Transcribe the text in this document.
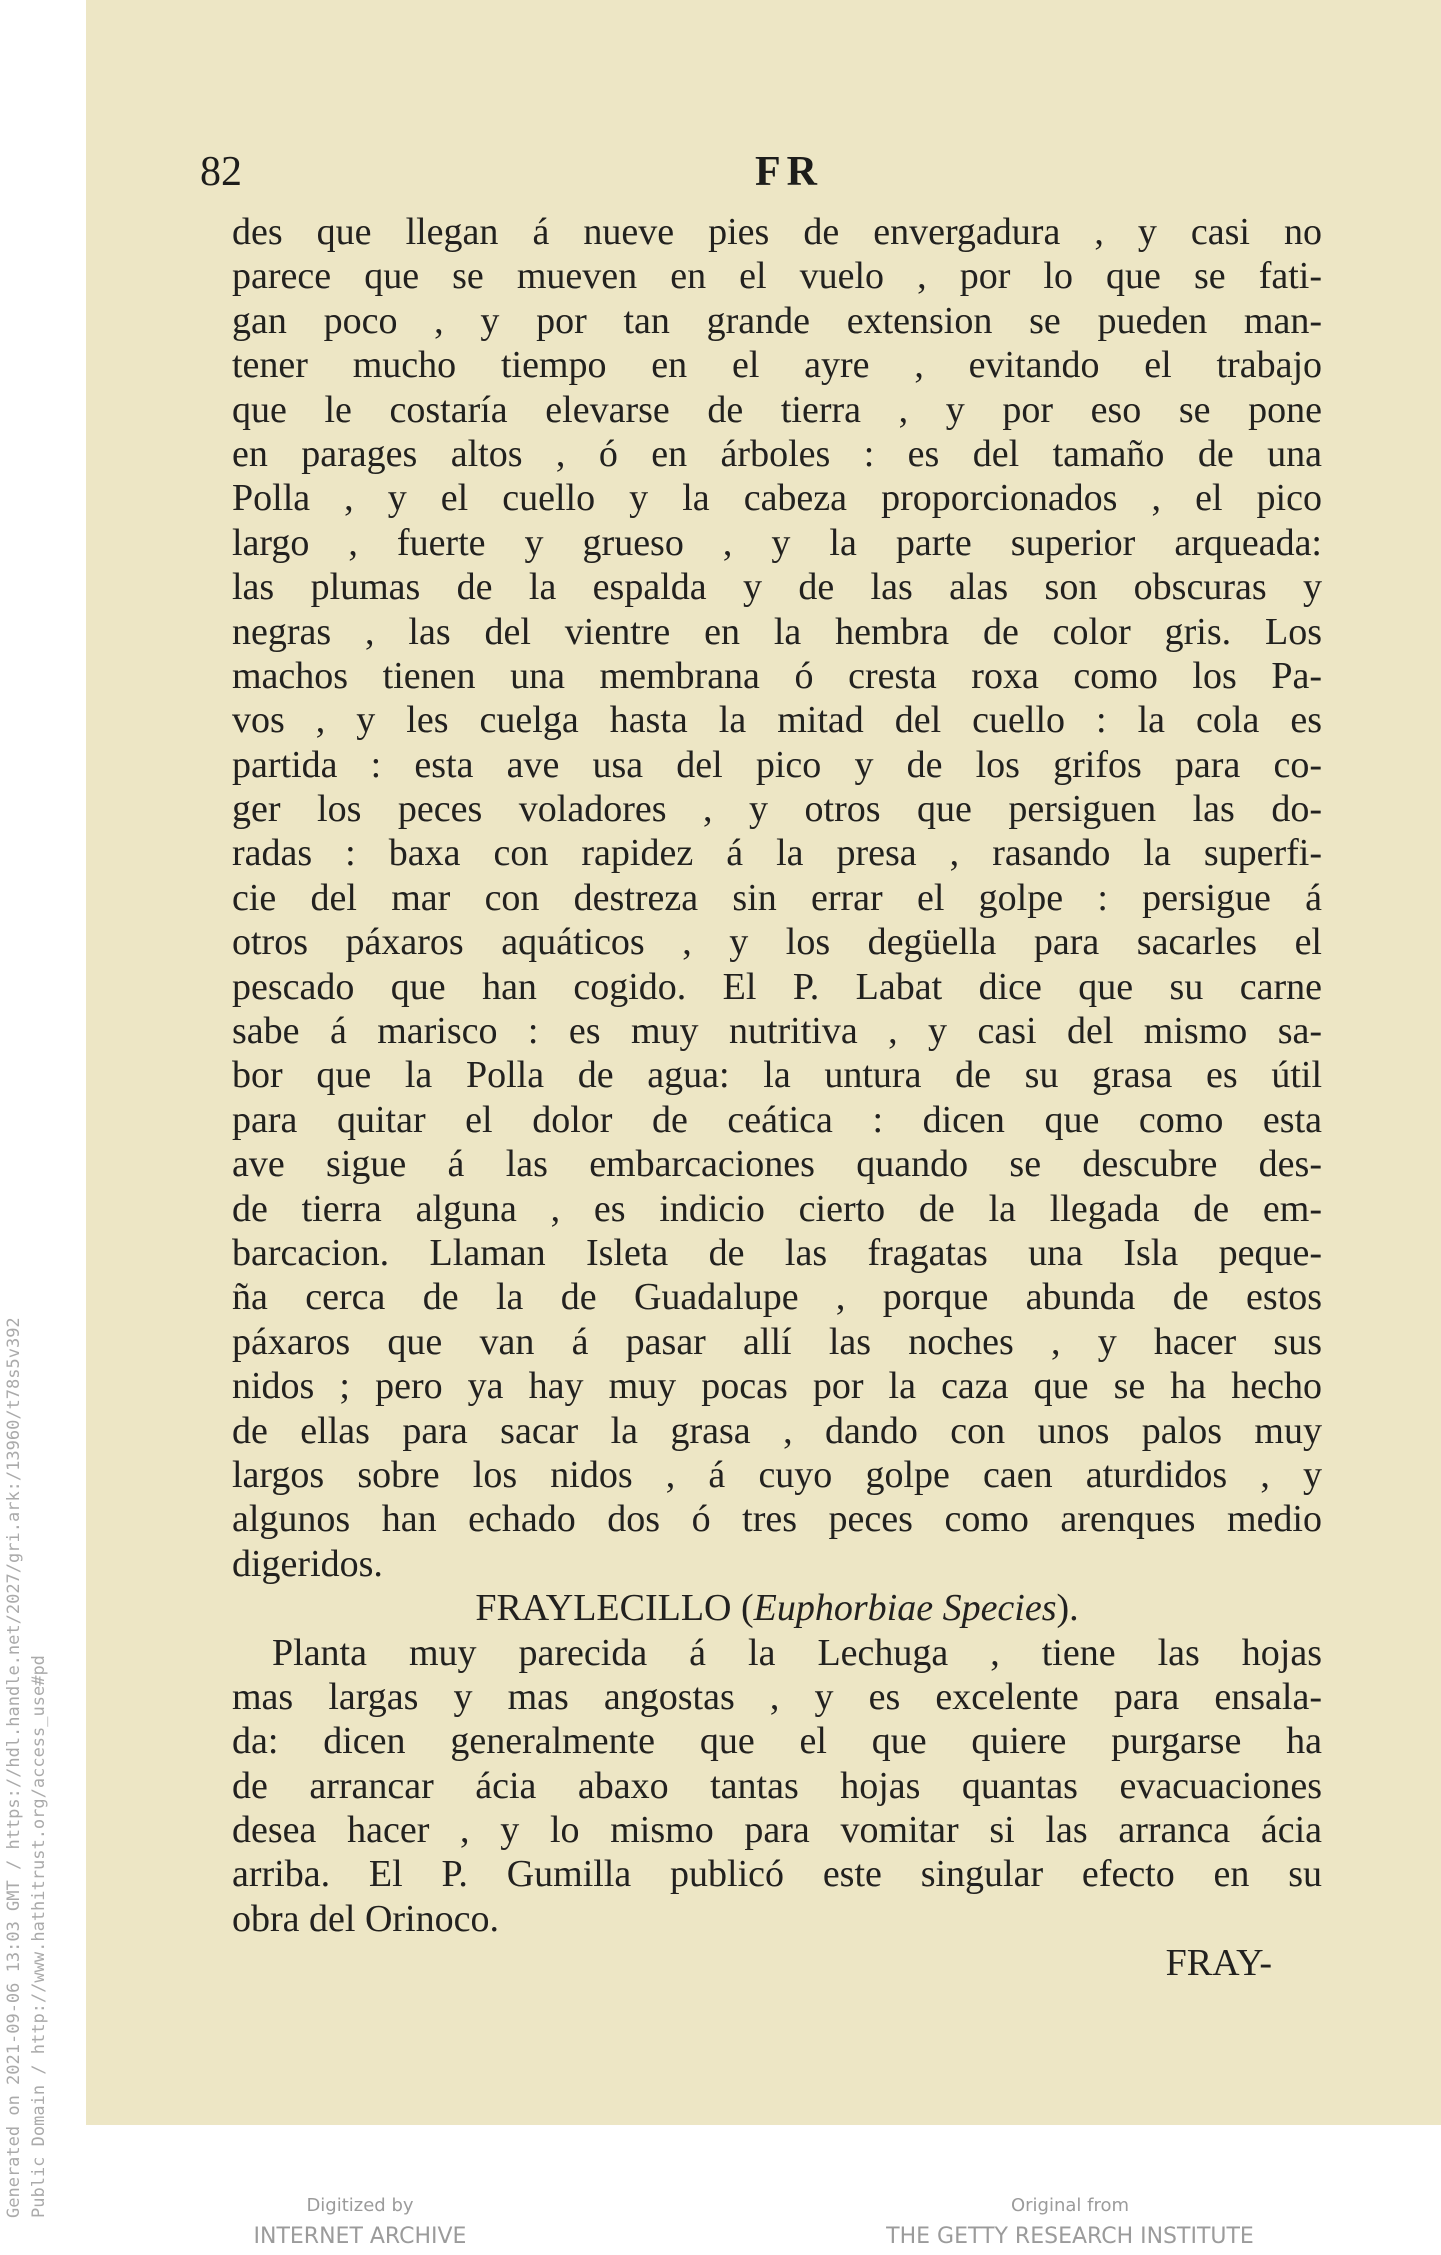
Generated on 2021-09-06 13:03 GMT / https://hdl.handle.net/2027/gri.ark:/13960/t78s5v392 Public Domain / http://www.hathitrust.org/access_use#pd
82	FR
des que llegan á nueve pies de envergadura , y casi no
parece que se mueven en el vuelo , por lo que se fati-
gan poco , y por tan grande extension se pueden man-
tener mucho tiempo en el ayre , evitando el trabajo
que le costaría elevarse de tierra , y por eso se pone
en parages altos , ó en árboles : es del tamaño de una
Polla , y el cuello y la cabeza proporcionados , el pico
largo , fuerte y grueso , y la parte superior arqueada:
las plumas de la espalda y de las alas son obscuras y
negras , las del vientre en la hembra de color gris. Los
machos tienen una membrana ó cresta roxa como los Pa-
vos , y les cuelga hasta la mitad del cuello : la cola es
partida : esta ave usa del pico y de los grifos para co-
ger los peces voladores , y otros que persiguen las do-
radas : baxa con rapidez á la presa , rasando la superfi-
cie del mar con destreza sin errar el golpe : persigue á
otros páxaros aquáticos , y los degüella para sacarles el
pescado que han cogido. El P. Labat dice que su carne
sabe á marisco : es muy nutritiva , y casi del mismo sa-
bor que la Polla de agua: la untura de su grasa es útil
para quitar el dolor de ceática : dicen que como esta
ave sigue á las embarcaciones quando se descubre des-
de tierra alguna , es indicio cierto de la llegada de em-
barcacion. Llaman Isleta de las fragatas una Isla peque-
ña cerca de la de Guadalupe , porque abunda de estos
páxaros que van á pasar allí las noches , y hacer sus
nidos ; pero ya hay muy pocas por la caza que se ha hecho
de ellas para sacar la grasa , dando con unos palos muy
largos sobre los nidos , á cuyo golpe caen aturdidos , y
algunos han echado dos ó tres peces como arenques medio
digeridos.
FRAYLECILLO (Euphorbiae Species).
Planta muy parecida á la Lechuga , tiene las hojas
mas largas y mas angostas , y es excelente para ensala-
da: dicen generalmente que el que quiere purgarse ha
de arrancar ácia abaxo tantas hojas quantas evacuaciones
desea hacer , y lo mismo para vomitar si las arranca ácia
arriba. El P. Gumilla publicó este singular efecto en su
obra del Orinoco.
FRAY-
Digitized by
INTERNET ARCHIVE
Original from
THE GETTY RESEARCH INSTITUTE
